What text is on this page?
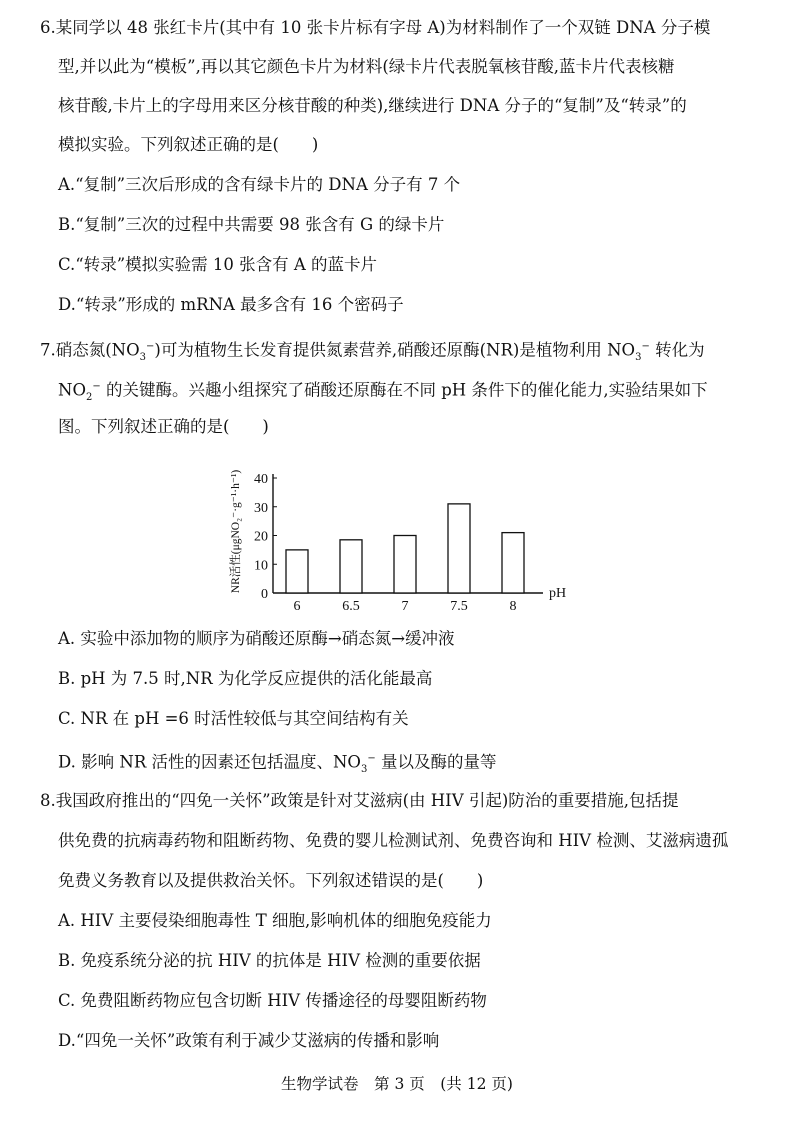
6.某同学以 48 张红卡片(其中有 10 张卡片标有字母 A)为材料制作了一个双链 DNA 分子模
型,并以此为“模板”,再以其它颜色卡片为材料(绿卡片代表脱氧核苷酸,蓝卡片代表核糖
核苷酸,卡片上的字母用来区分核苷酸的种类),继续进行 DNA 分子的“复制”及“转录”的
模拟实验。下列叙述正确的是(　　)
A.“复制”三次后形成的含有绿卡片的 DNA 分子有 7 个
B.“复制”三次的过程中共需要 98 张含有 G 的绿卡片
C.“转录”模拟实验需 10 张含有 A 的蓝卡片
D.“转录”形成的 mRNA 最多含有 16 个密码子
7.硝态氮$(NO_3^-)$可为植物生长发育提供氮素营养,硝酸还原酶(NR)是植物利用 $NO_3^-$ 转化为
$NO_2^-$ 的关键酶。兴趣小组探究了硝酸还原酶在不同 pH 条件下的催化能力,实验结果如下
图。下列叙述正确的是(　　)
0
10
20
30
40
6	6.5	7	7.5	8
pH
NR活性(μgNO₂⁻·g⁻¹·h⁻¹)
A. 实验中添加物的顺序为硝酸还原酶→硝态氮→缓冲液
B. pH 为 7.5 时,NR 为化学反应提供的活化能最高
C. NR 在 pH =6 时活性较低与其空间结构有关
D. 影响 NR 活性的因素还包括温度、$NO_3^-$ 量以及酶的量等
8.我国政府推出的“四免一关怀”政策是针对艾滋病(由 HIV 引起)防治的重要措施,包括提
供免费的抗病毒药物和阻断药物、免费的婴儿检测试剂、免费咨询和 HIV 检测、艾滋病遗孤
免费义务教育以及提供救治关怀。下列叙述错误的是(　　)
A. HIV 主要侵染细胞毒性 T 细胞,影响机体的细胞免疫能力
B. 免疫系统分泌的抗 HIV 的抗体是 HIV 检测的重要依据
C. 免费阻断药物应包含切断 HIV 传播途径的母婴阻断药物
D.“四免一关怀”政策有利于减少艾滋病的传播和影响
生物学试卷　第 3 页　(共 12 页)
